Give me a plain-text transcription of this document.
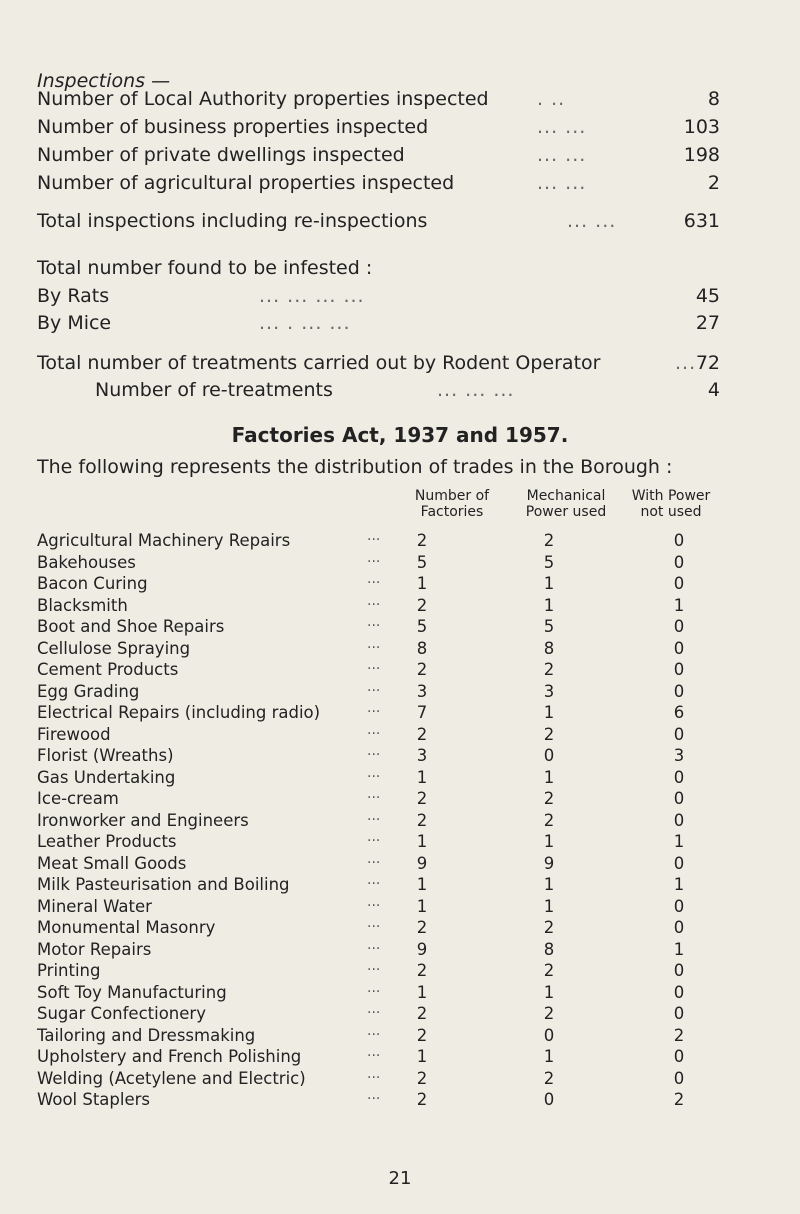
Inspections —
Number of Local Authority properties inspected	. ..	8
Number of business properties inspected	... ...	103
Number of private dwellings inspected	... ...	198
Number of agricultural properties inspected	... ...	2
Total inspections including re-inspections	... ...	631
Total number found to be infested :
By Rats	... ... ... ...	45
By Mice	... . ... ...	27
Total number of treatments carried out by Rodent Operator	... 72
Number of re-treatments	... ... ...	4
Factories Act, 1937 and 1957.
The following represents the distribution of trades in the Borough :
Number of
Factories
Mechanical
Power used
With Power
not used
Agricultural Machinery Repairs	···	2	2	0
Bakehouses	···	5	5	0
Bacon Curing	···	1	1	0
Blacksmith	···	2	1	1
Boot and Shoe Repairs	···	5	5	0
Cellulose Spraying	···	8	8	0
Cement Products	···	2	2	0
Egg Grading	···	3	3	0
Electrical Repairs (including radio)	···	7	1	6
Firewood	···	2	2	0
Florist (Wreaths)	···	3	0	3
Gas Undertaking	···	1	1	0
Ice-cream	···	2	2	0
Ironworker and Engineers	···	2	2	0
Leather Products	···	1	1	1
Meat Small Goods	···	9	9	0
Milk Pasteurisation and Boiling	···	1	1	1
Mineral Water	···	1	1	0
Monumental Masonry	···	2	2	0
Motor Repairs	···	9	8	1
Printing	···	2	2	0
Soft Toy Manufacturing	···	1	1	0
Sugar Confectionery	···	2	2	0
Tailoring and Dressmaking	···	2	0	2
Upholstery and French Polishing	···	1	1	0
Welding (Acetylene and Electric)	···	2	2	0
Wool Staplers	···	2	0	2
21
